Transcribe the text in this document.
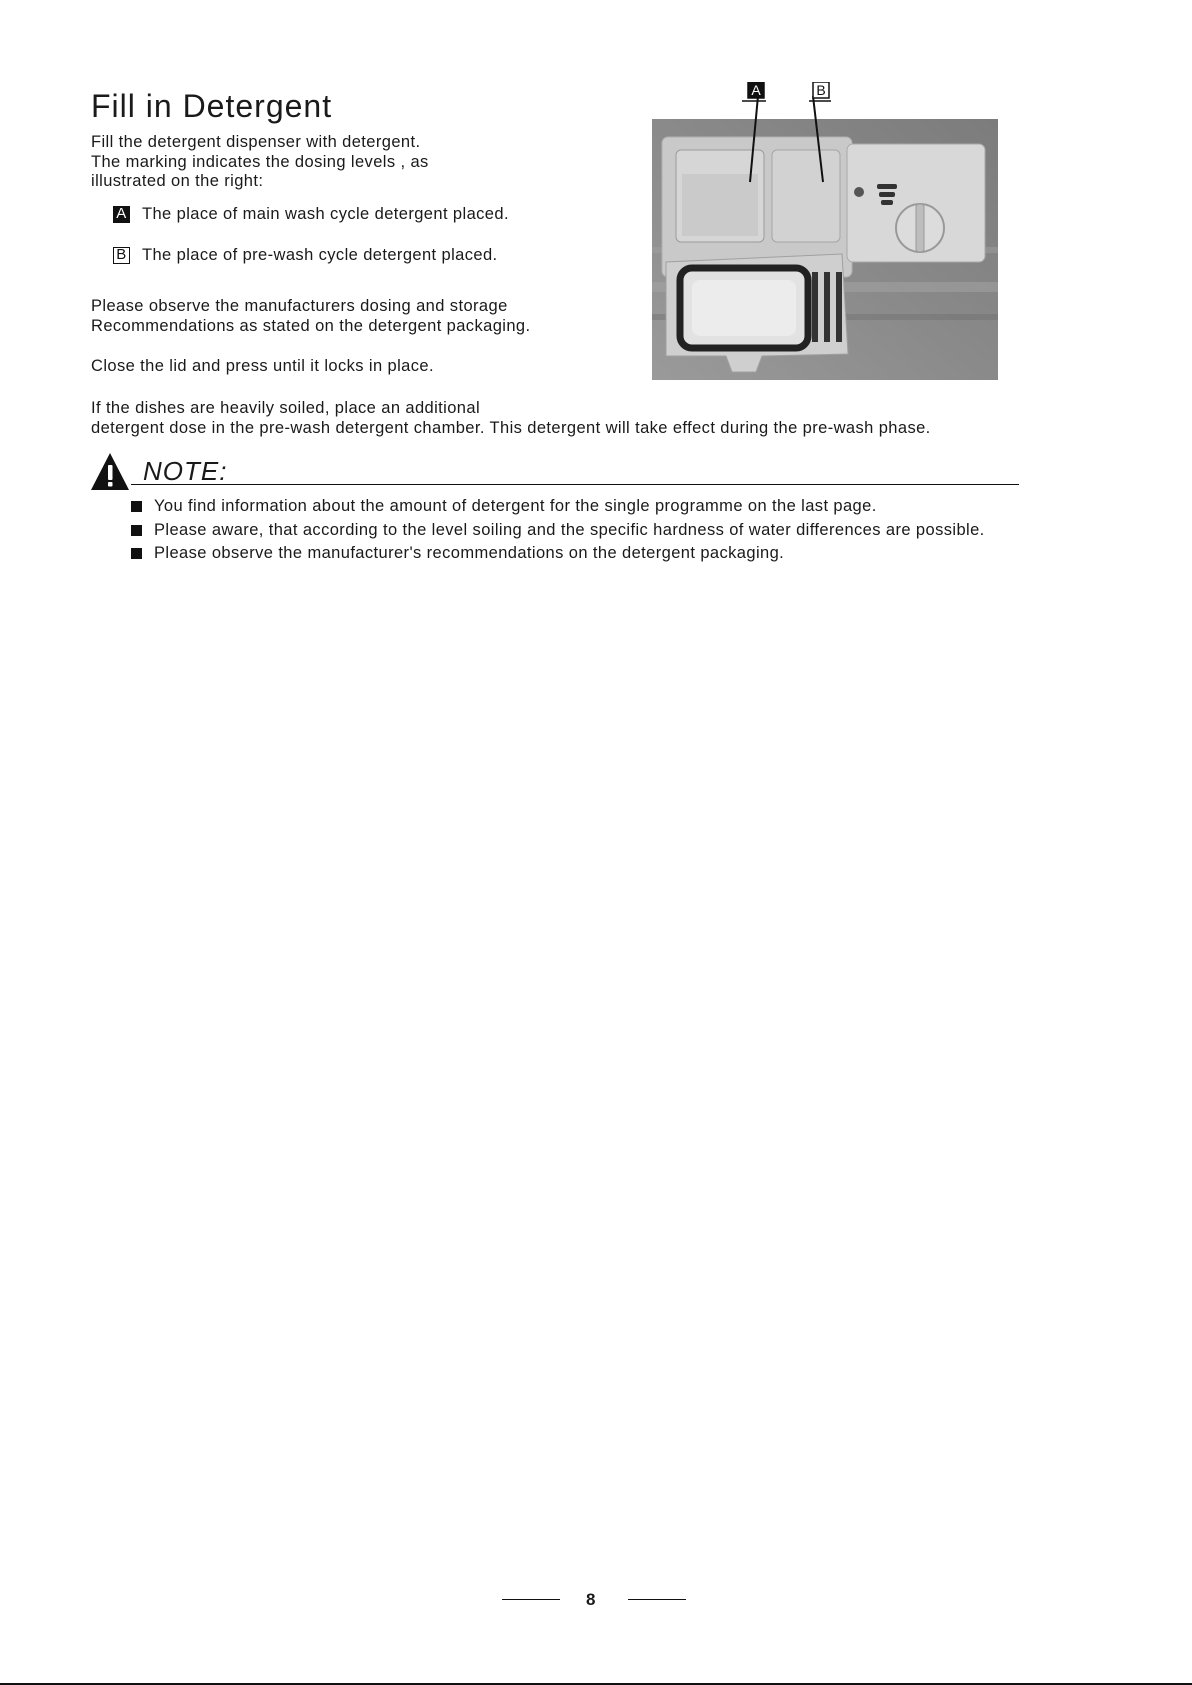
Fill in Detergent
Fill the detergent dispenser with detergent.
The marking indicates the dosing levels , as
illustrated on the right:
A The place of main wash cycle detergent placed.
B The place of pre-wash cycle detergent placed.
Please observe the manufacturers dosing and storage
Recommendations as stated on the detergent packaging.
Close the lid and press until it locks in place.
If the dishes are heavily soiled, place an additional
detergent dose in the pre-wash detergent chamber. This detergent will take effect during the pre-wash phase.
A	B
NOTE:
You find information about the amount of detergent for the single programme on the last page.
Please aware, that according to the level soiling and the specific hardness of water differences are possible.
Please observe the manufacturer's recommendations on the detergent packaging.
8
